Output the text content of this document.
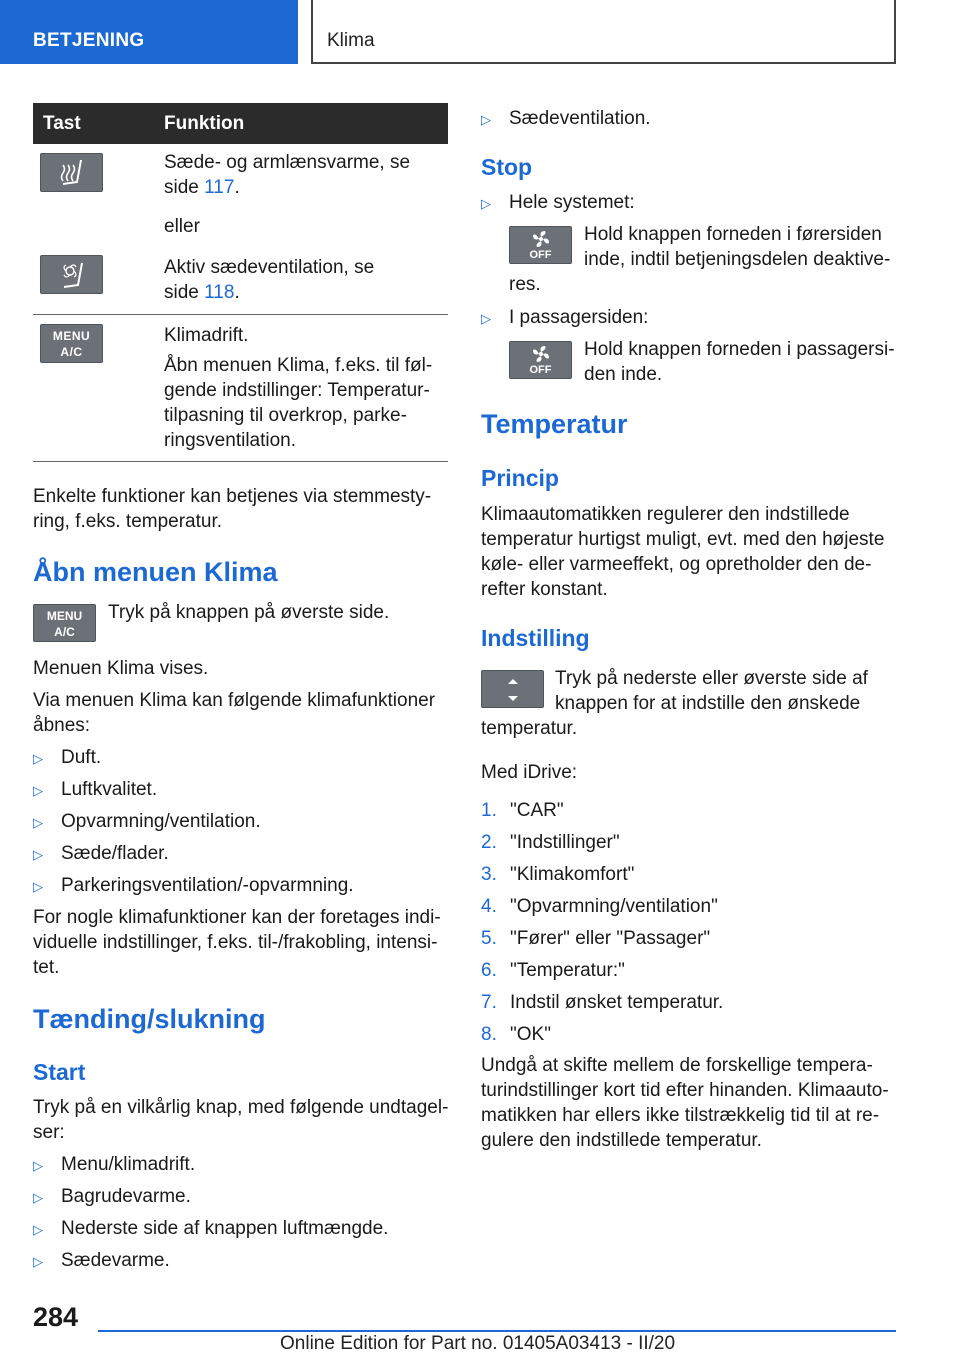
BETJENING	Klima
Tast	Funktion
Sæde- og armlænsvarme, se
side 117.
eller
Aktiv sædeventilation, se
side 118.
MENU
A/C
Klimadrift.
Åbn menuen Klima, f.eks. til føl-
gende indstillinger: Temperatur-
tilpasning til overkrop, parke-
ringsventilation.
Enkelte funktioner kan betjenes via stemmesty-
ring, f.eks. temperatur.
Åbn menuen Klima
MENU
A/C
Tryk på knappen på øverste side.
Menuen Klima vises.
Via menuen Klima kan følgende klimafunktioner
åbnes:
▷ Duft.
▷ Luftkvalitet.
▷ Opvarmning/ventilation.
▷ Sæde/flader.
▷ Parkeringsventilation/-opvarmning.
For nogle klimafunktioner kan der foretages indi-
viduelle indstillinger, f.eks. til-/frakobling, intensi-
tet.
Tænding/slukning
Start
Tryk på en vilkårlig knap, med følgende undtagel-
ser:
▷ Menu/klimadrift.
▷ Bagrudevarme.
▷ Nederste side af knappen luftmængde.
▷ Sædevarme.
▷ Sædeventilation.
Stop
▷ Hele systemet:
OFF
Hold knappen forneden i førersiden
inde, indtil betjeningsdelen deaktive-
res.
▷ I passagersiden:
OFF
Hold knappen forneden i passagersi-
den inde.
Temperatur
Princip
Klimaautomatikken regulerer den indstillede
temperatur hurtigst muligt, evt. med den højeste
køle- eller varmeeffekt, og opretholder den de-
refter konstant.
Indstilling
Tryk på nederste eller øverste side af
knappen for at indstille den ønskede
temperatur.
Med iDrive:
1. "CAR"
2. "Indstillinger"
3. "Klimakomfort"
4. "Opvarmning/ventilation"
5. "Fører" eller "Passager"
6. "Temperatur:"
7. Indstil ønsket temperatur.
8. "OK"
Undgå at skifte mellem de forskellige tempera-
turindstillinger kort tid efter hinanden. Klimaauto-
matikken har ellers ikke tilstrækkelig tid til at re-
gulere den indstillede temperatur.
284
Online Edition for Part no. 01405A03413 - II/20
